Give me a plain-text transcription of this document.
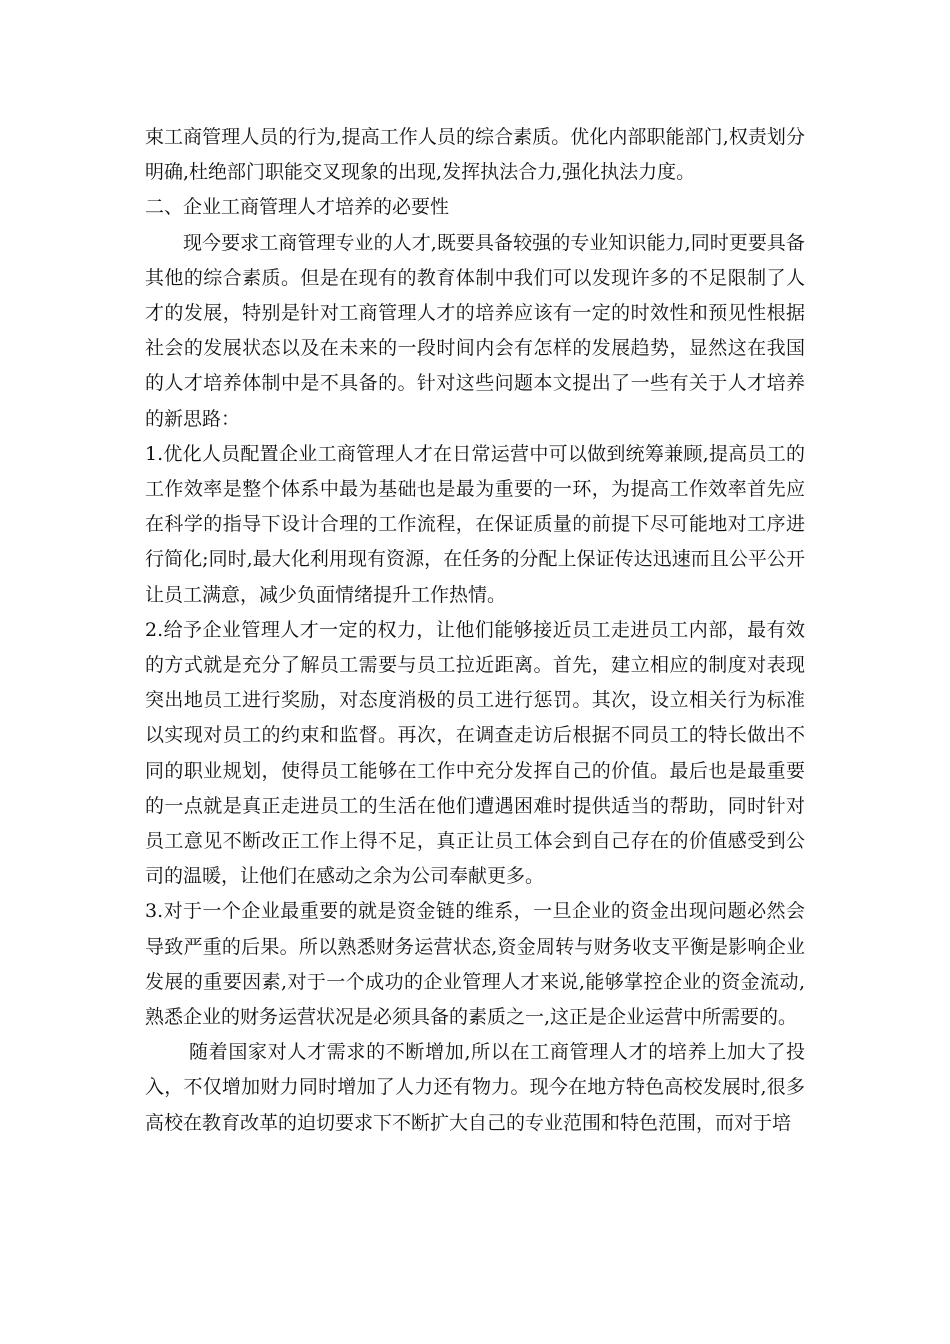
束工商管理人员的行为,提高工作人员的综合素质。优化内部职能部门,权责划分明确,杜绝部门职能交叉现象的出现,发挥执法合力,强化执法力度。

二、企业工商管理人才培养的必要性

现今要求工商管理专业的人才,既要具备较强的专业知识能力,同时更要具备其他的综合素质。但是在现有的教育体制中我们可以发现许多的不足限制了人才的发展，特别是针对工商管理人才的培养应该有一定的时效性和预见性根据社会的发展状态以及在未来的一段时间内会有怎样的发展趋势，显然这在我国的人才培养体制中是不具备的。针对这些问题本文提出了一些有关于人才培养的新思路：

1.优化人员配置企业工商管理人才在日常运营中可以做到统筹兼顾,提高员工的工作效率是整个体系中最为基础也是最为重要的一环，为提高工作效率首先应在科学的指导下设计合理的工作流程，在保证质量的前提下尽可能地对工序进行简化;同时,最大化利用现有资源，在任务的分配上保证传达迅速而且公平公开让员工满意，减少负面情绪提升工作热情。

2.给予企业管理人才一定的权力，让他们能够接近员工走进员工内部，最有效的方式就是充分了解员工需要与员工拉近距离。首先，建立相应的制度对表现突出地员工进行奖励，对态度消极的员工进行惩罚。其次，设立相关行为标准以实现对员工的约束和监督。再次，在调查走访后根据不同员工的特长做出不同的职业规划，使得员工能够在工作中充分发挥自己的价值。最后也是最重要的一点就是真正走进员工的生活在他们遭遇困难时提供适当的帮助，同时针对员工意见不断改正工作上得不足，真正让员工体会到自己存在的价值感受到公司的温暖，让他们在感动之余为公司奉献更多。

3.对于一个企业最重要的就是资金链的维系，一旦企业的资金出现问题必然会导致严重的后果。所以熟悉财务运营状态,资金周转与财务收支平衡是影响企业发展的重要因素,对于一个成功的企业管理人才来说,能够掌控企业的资金流动,熟悉企业的财务运营状况是必须具备的素质之一,这正是企业运营中所需要的。

随着国家对人才需求的不断增加,所以在工商管理人才的培养上加大了投入，不仅增加财力同时增加了人力还有物力。现今在地方特色高校发展时,很多高校在教育改革的迫切要求下不断扩大自己的专业范围和特色范围，而对于培
